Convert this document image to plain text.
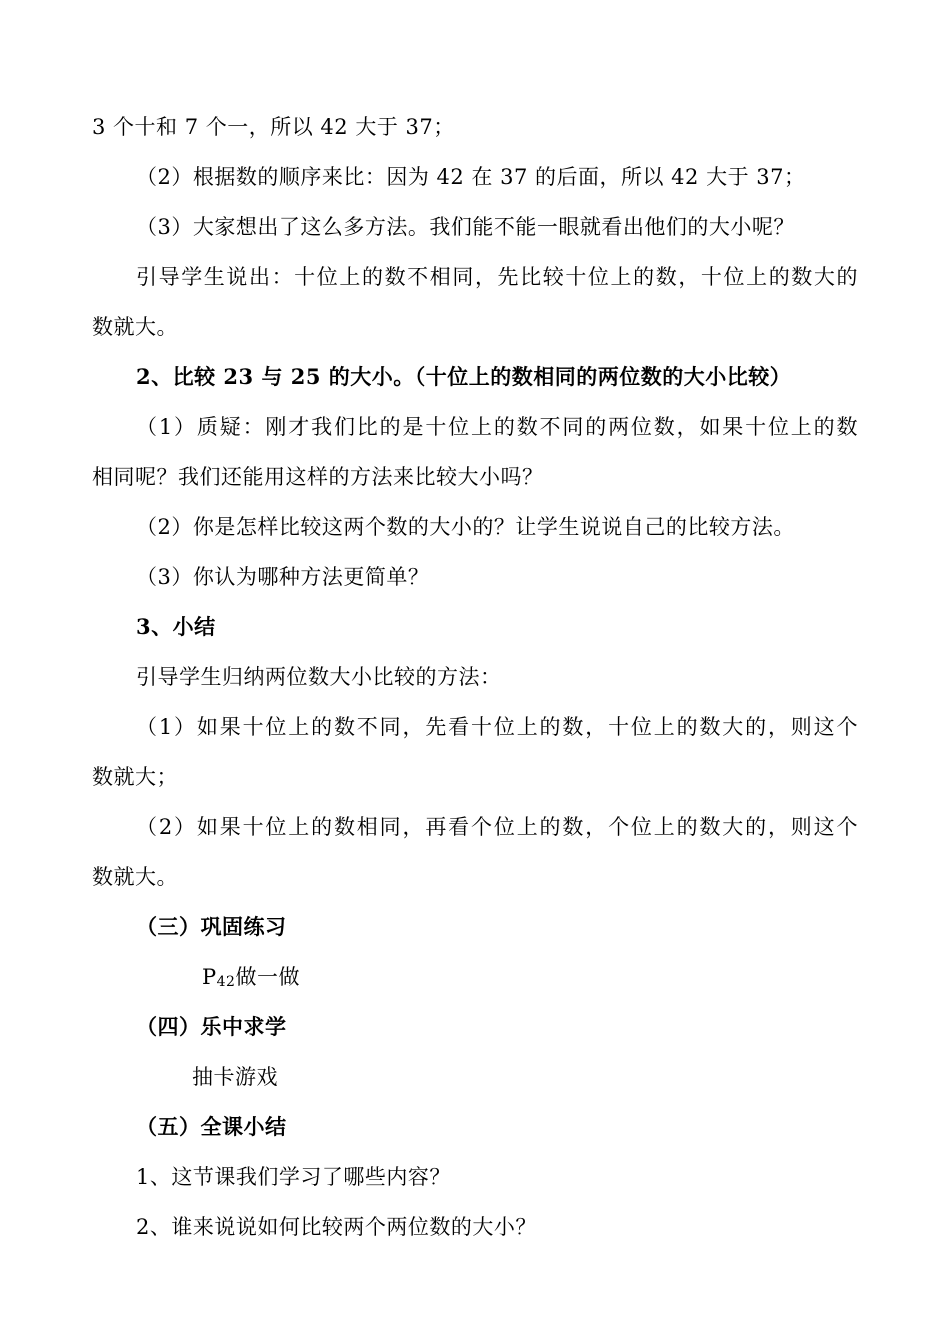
3 个十和 7 个一，所以 42 大于 37；
（2）根据数的顺序来比：因为 42 在 37 的后面，所以 42 大于 37；
（3）大家想出了这么多方法。我们能不能一眼就看出他们的大小呢？
引导学生说出：十位上的数不相同，先比较十位上的数，十位上的数大的
数就大。
2、比较 23 与 25 的大小。（十位上的数相同的两位数的大小比较）
（1）质疑：刚才我们比的是十位上的数不同的两位数，如果十位上的数
相同呢？我们还能用这样的方法来比较大小吗？
（2）你是怎样比较这两个数的大小的？让学生说说自己的比较方法。
（3）你认为哪种方法更简单？
3、小结
引导学生归纳两位数大小比较的方法：
（1）如果十位上的数不同，先看十位上的数，十位上的数大的，则这个
数就大；
（2）如果十位上的数相同，再看个位上的数，个位上的数大的，则这个
数就大。
（三）巩固练习
P42做一做
（四）乐中求学
抽卡游戏
（五）全课小结
1、这节课我们学习了哪些内容？
2、谁来说说如何比较两个两位数的大小？
